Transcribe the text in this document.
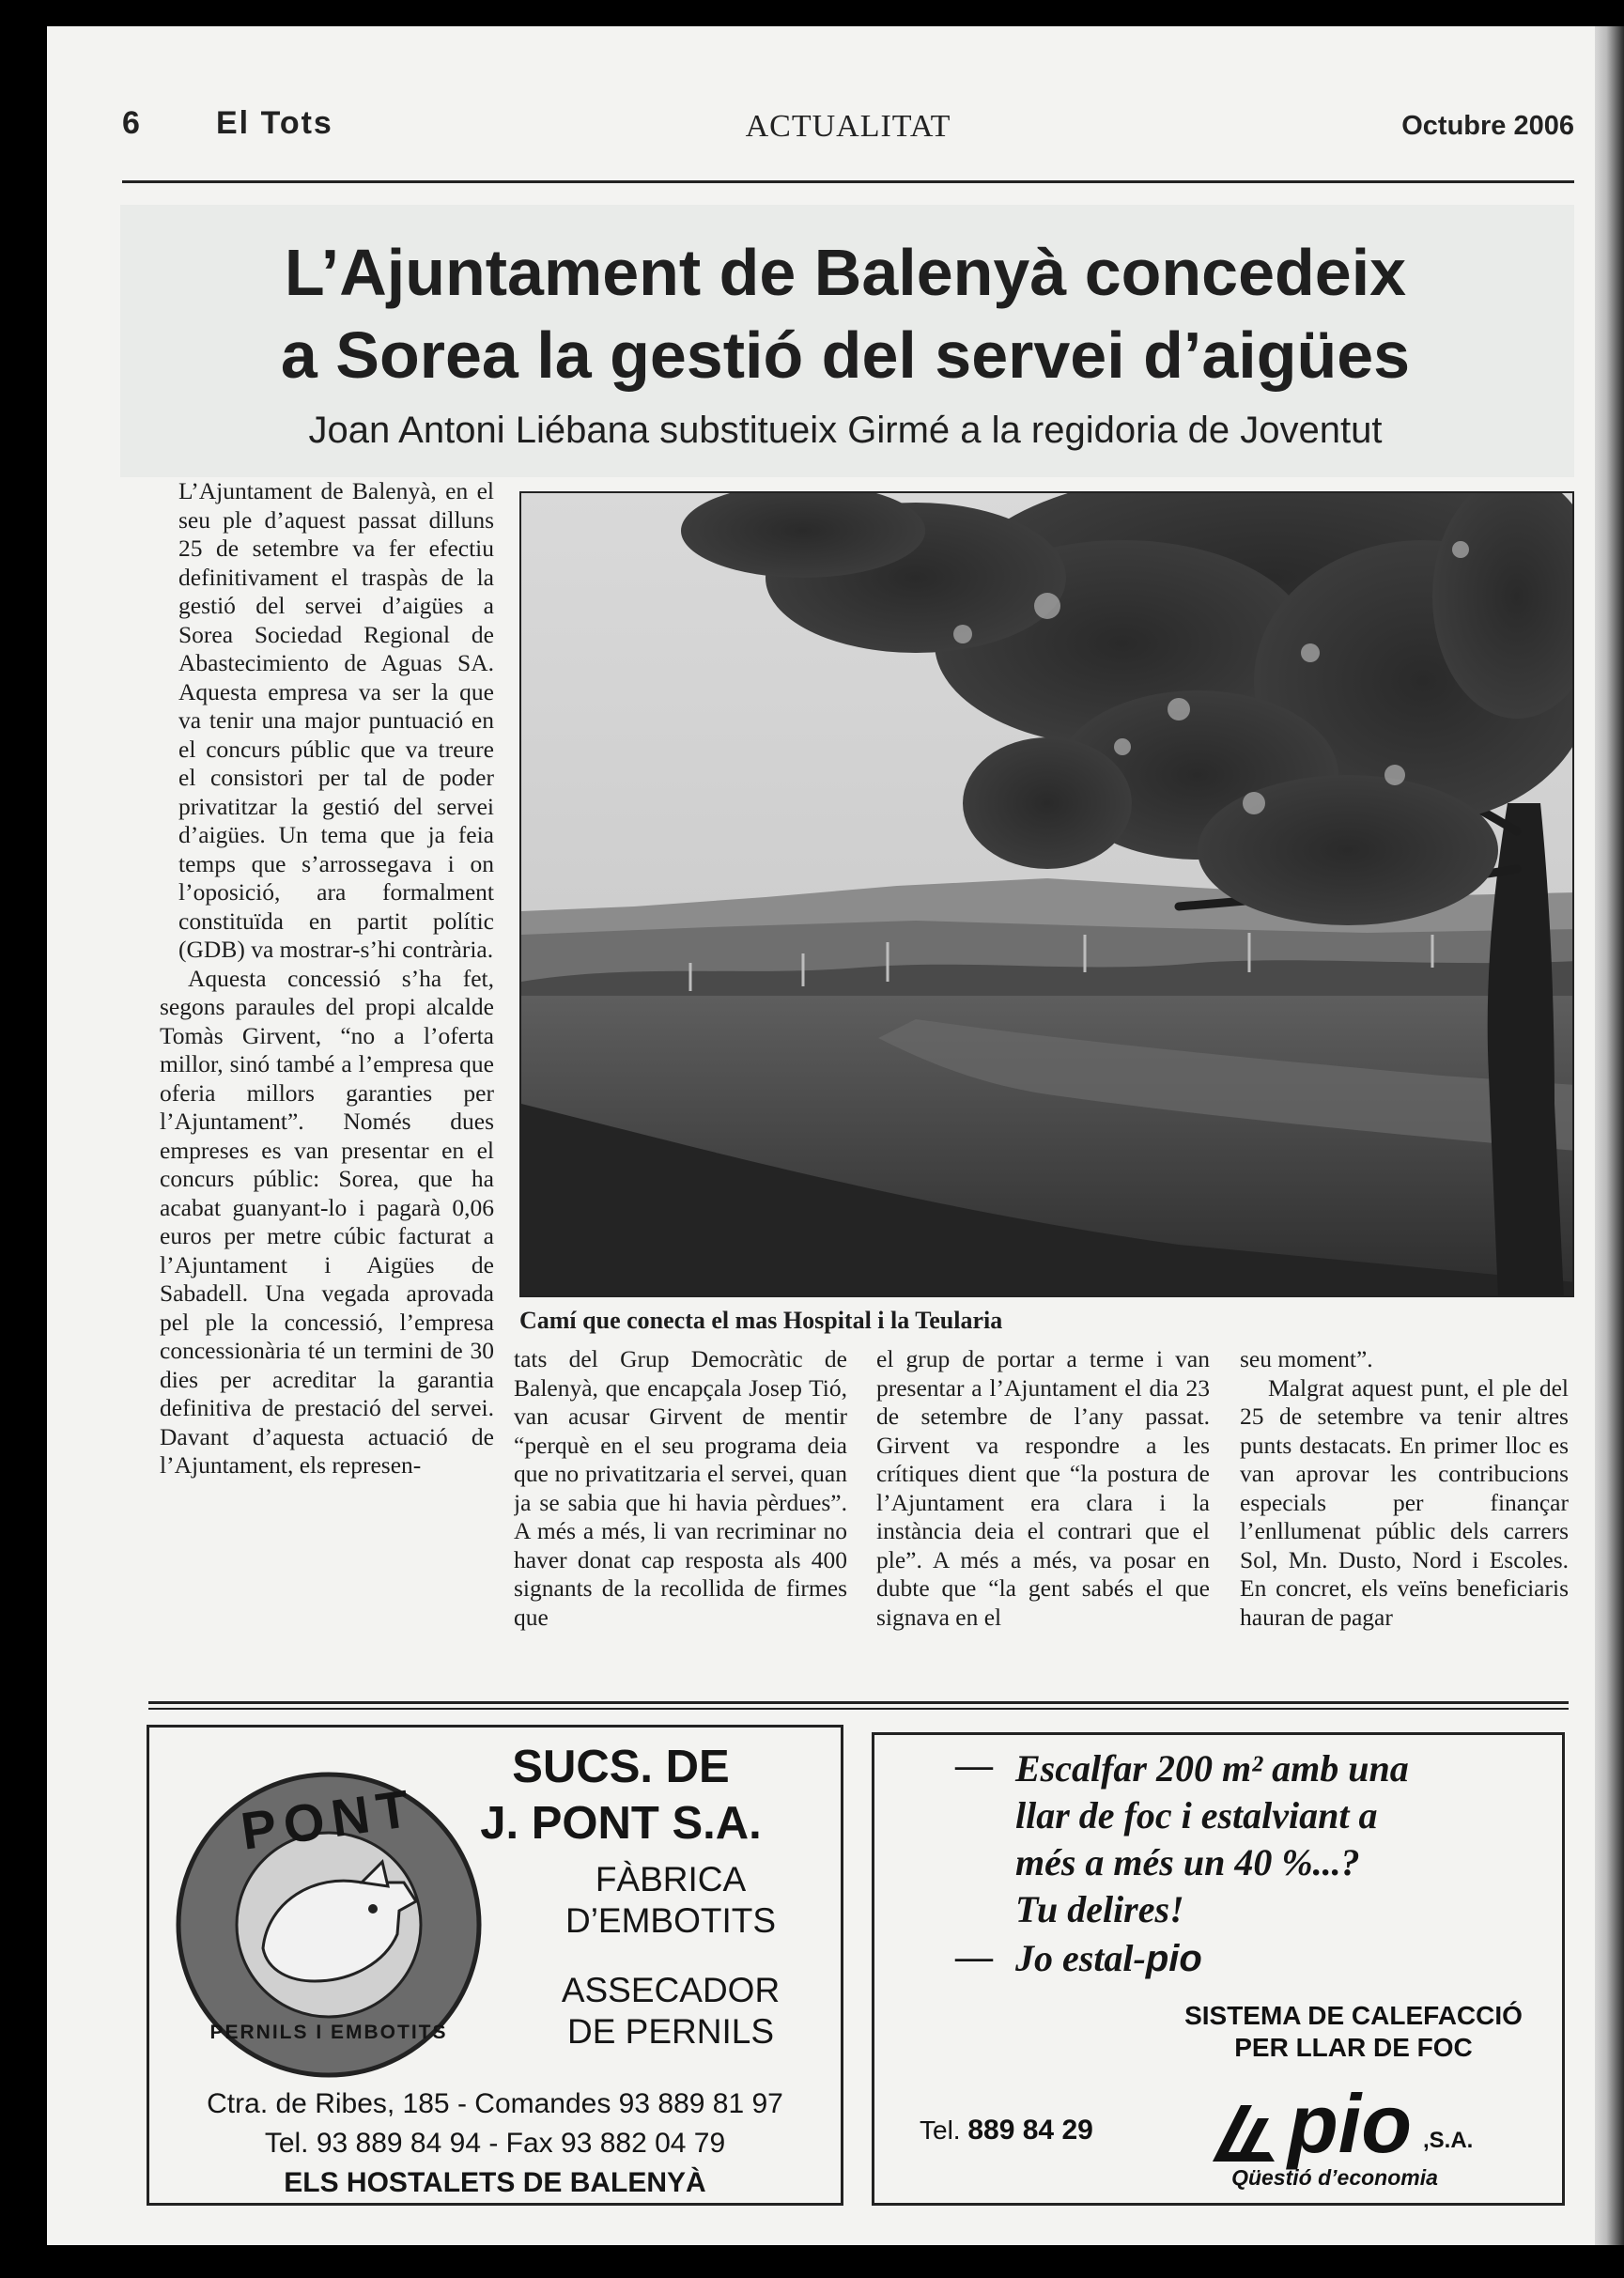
6 El Tots	ACTUALITAT	Octubre 2006
L’Ajuntament de Balenyà concedeix
a Sorea la gestió del servei d’aigües
Joan Antoni Liébana substitueix Girmé a la regidoria de Joventut

L’Ajuntament de Balenyà, en el seu ple d’aquest passat dilluns 25 de setembre va fer efectiu definitivament el traspàs de la gestió del servei d’aigües a Sorea Sociedad Regional de Abastecimiento de Aguas SA. Aquesta empresa va ser la que va tenir una major puntuació en el concurs públic que va treure el consistori per tal de poder privatitzar la gestió del servei d’aigües. Un tema que ja feia temps que s’arrossegava i on l’oposició, ara formalment constituïda en partit polític (GDB) va mostrar-s’hi contrària.

Aquesta concessió s’ha fet, segons paraules del propi alcalde Tomàs Girvent, “no a l’oferta millor, sinó també a l’empresa que oferia millors garanties per l’Ajuntament”. Només dues empreses es van presentar en el concurs públic: Sorea, que ha acabat guanyant-lo i pagarà 0,06 euros per metre cúbic facturat a l’Ajuntament i Aigües de Sabadell. Una vegada aprovada pel ple la concessió, l’empresa concessionària té un termini de 30 dies per acreditar la garantia definitiva de prestació del servei. Davant d’aquesta actuació de l’Ajuntament, els represen-

Camí que conecta el mas Hospital i la Teularia
tats del Grup Democràtic de Balenyà, que encapçala Josep Tió, van acusar Girvent de mentir “perquè en el seu programa deia que no privatitzaria el servei, quan ja se sabia que hi havia pèrdues”. A més a més, li van recriminar no haver donat cap resposta als 400 signants de la recollida de firmes que
el grup de portar a terme i van presentar a l’Ajuntament el dia 23 de setembre de l’any passat. Girvent va respondre a les crítiques dient que “la postura de l’Ajuntament era clara i la instància deia el contrari que el ple”. A més a més, va posar en dubte que “la gent sabés el que signava en el

seu moment”.

Malgrat aquest punt, el ple del 25 de setembre va tenir altres punts destacats. En primer lloc es van aprovar les contribucions especials per finançar l’enllumenat públic dels carrers Sol, Mn. Dusto, Nord i Escoles. En concret, els veïns beneficiaris hauran de pagar

PONT
PERNILS I EMBOTITS
SUCS. DE
J. PONT S.A.
FÀBRICA
D’EMBOTITS
ASSECADOR
DE PERNILS
Ctra. de Ribes, 185 - Comandes 93 889 81 97
Tel. 93 889 84 94 - Fax 93 882 04 79
ELS HOSTALETS DE BALENYÀ
— Escalfar 200 m² amb una
llar de foc i estalviant a
més a més un 40 %...?
Tu delires!
— Jo estal-pio
SISTEMA DE CALEFACCIÓ
PER LLAR DE FOC
Tel. 889 84 29 pio ,S.A.
Qüestió d’economia
